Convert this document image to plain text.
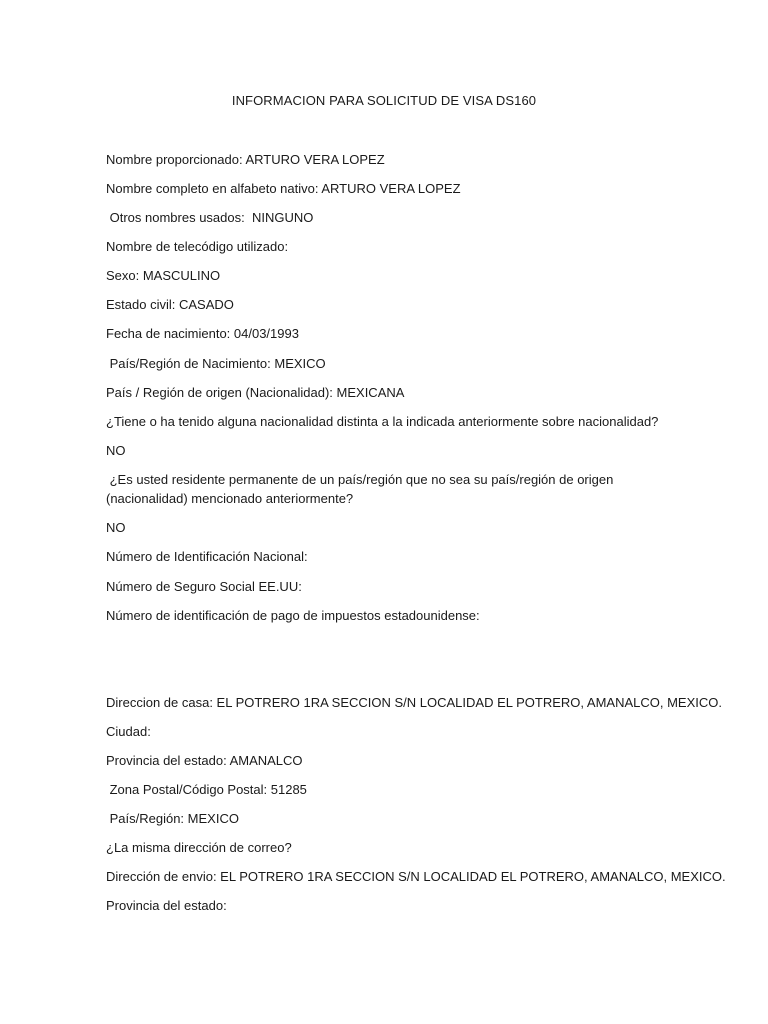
INFORMACION PARA SOLICITUD DE VISA DS160
Nombre proporcionado: ARTURO VERA LOPEZ
Nombre completo en alfabeto nativo: ARTURO VERA LOPEZ
Otros nombres usados:  NINGUNO
Nombre de telecódigo utilizado:
Sexo: MASCULINO
Estado civil: CASADO
Fecha de nacimiento: 04/03/1993
País/Región de Nacimiento: MEXICO
País / Región de origen (Nacionalidad): MEXICANA
¿Tiene o ha tenido alguna nacionalidad distinta a la indicada anteriormente sobre nacionalidad?
NO
¿Es usted residente permanente de un país/región que no sea su país/región de origen
(nacionalidad) mencionado anteriormente?
NO
Número de Identificación Nacional:
Número de Seguro Social EE.UU:
Número de identificación de pago de impuestos estadounidense:
Direccion de casa: EL POTRERO 1RA SECCION S/N LOCALIDAD EL POTRERO, AMANALCO, MEXICO.
Ciudad:
Provincia del estado: AMANALCO
Zona Postal/Código Postal: 51285
País/Región: MEXICO
¿La misma dirección de correo?
Dirección de envio: EL POTRERO 1RA SECCION S/N LOCALIDAD EL POTRERO, AMANALCO, MEXICO.
Provincia del estado:
